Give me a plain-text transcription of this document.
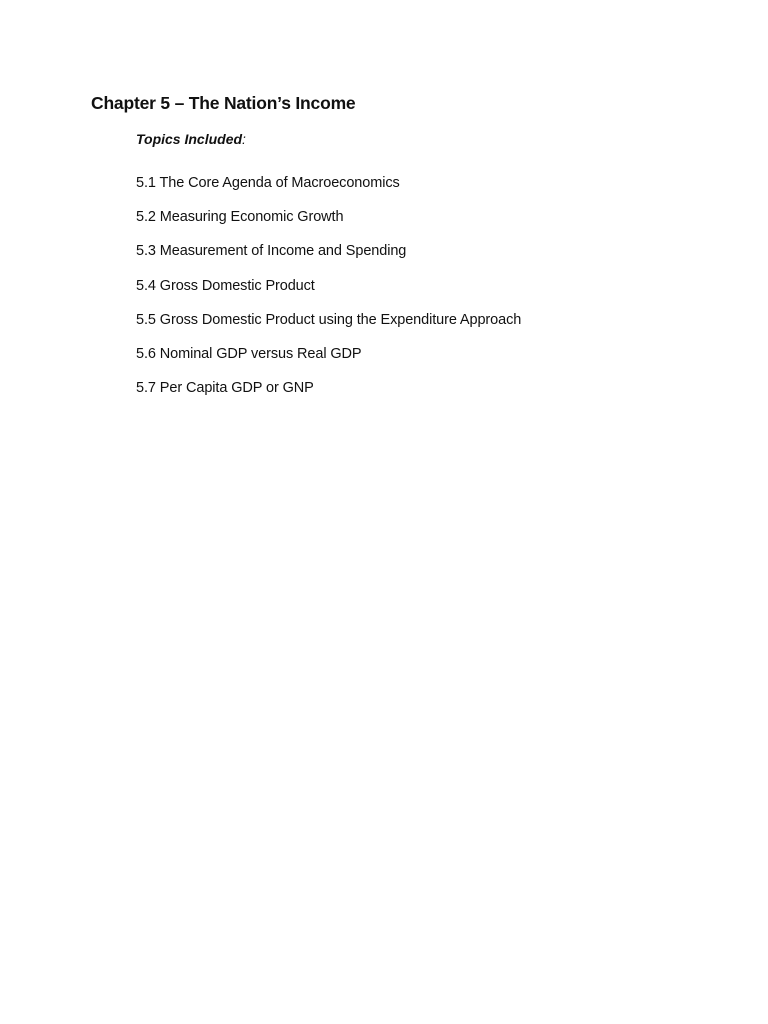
Chapter 5 – The Nation’s Income
Topics Included:
5.1 The Core Agenda of Macroeconomics
5.2 Measuring Economic Growth
5.3 Measurement of Income and Spending
5.4 Gross Domestic Product
5.5 Gross Domestic Product using the Expenditure Approach
5.6 Nominal GDP versus Real GDP
5.7 Per Capita GDP or GNP
